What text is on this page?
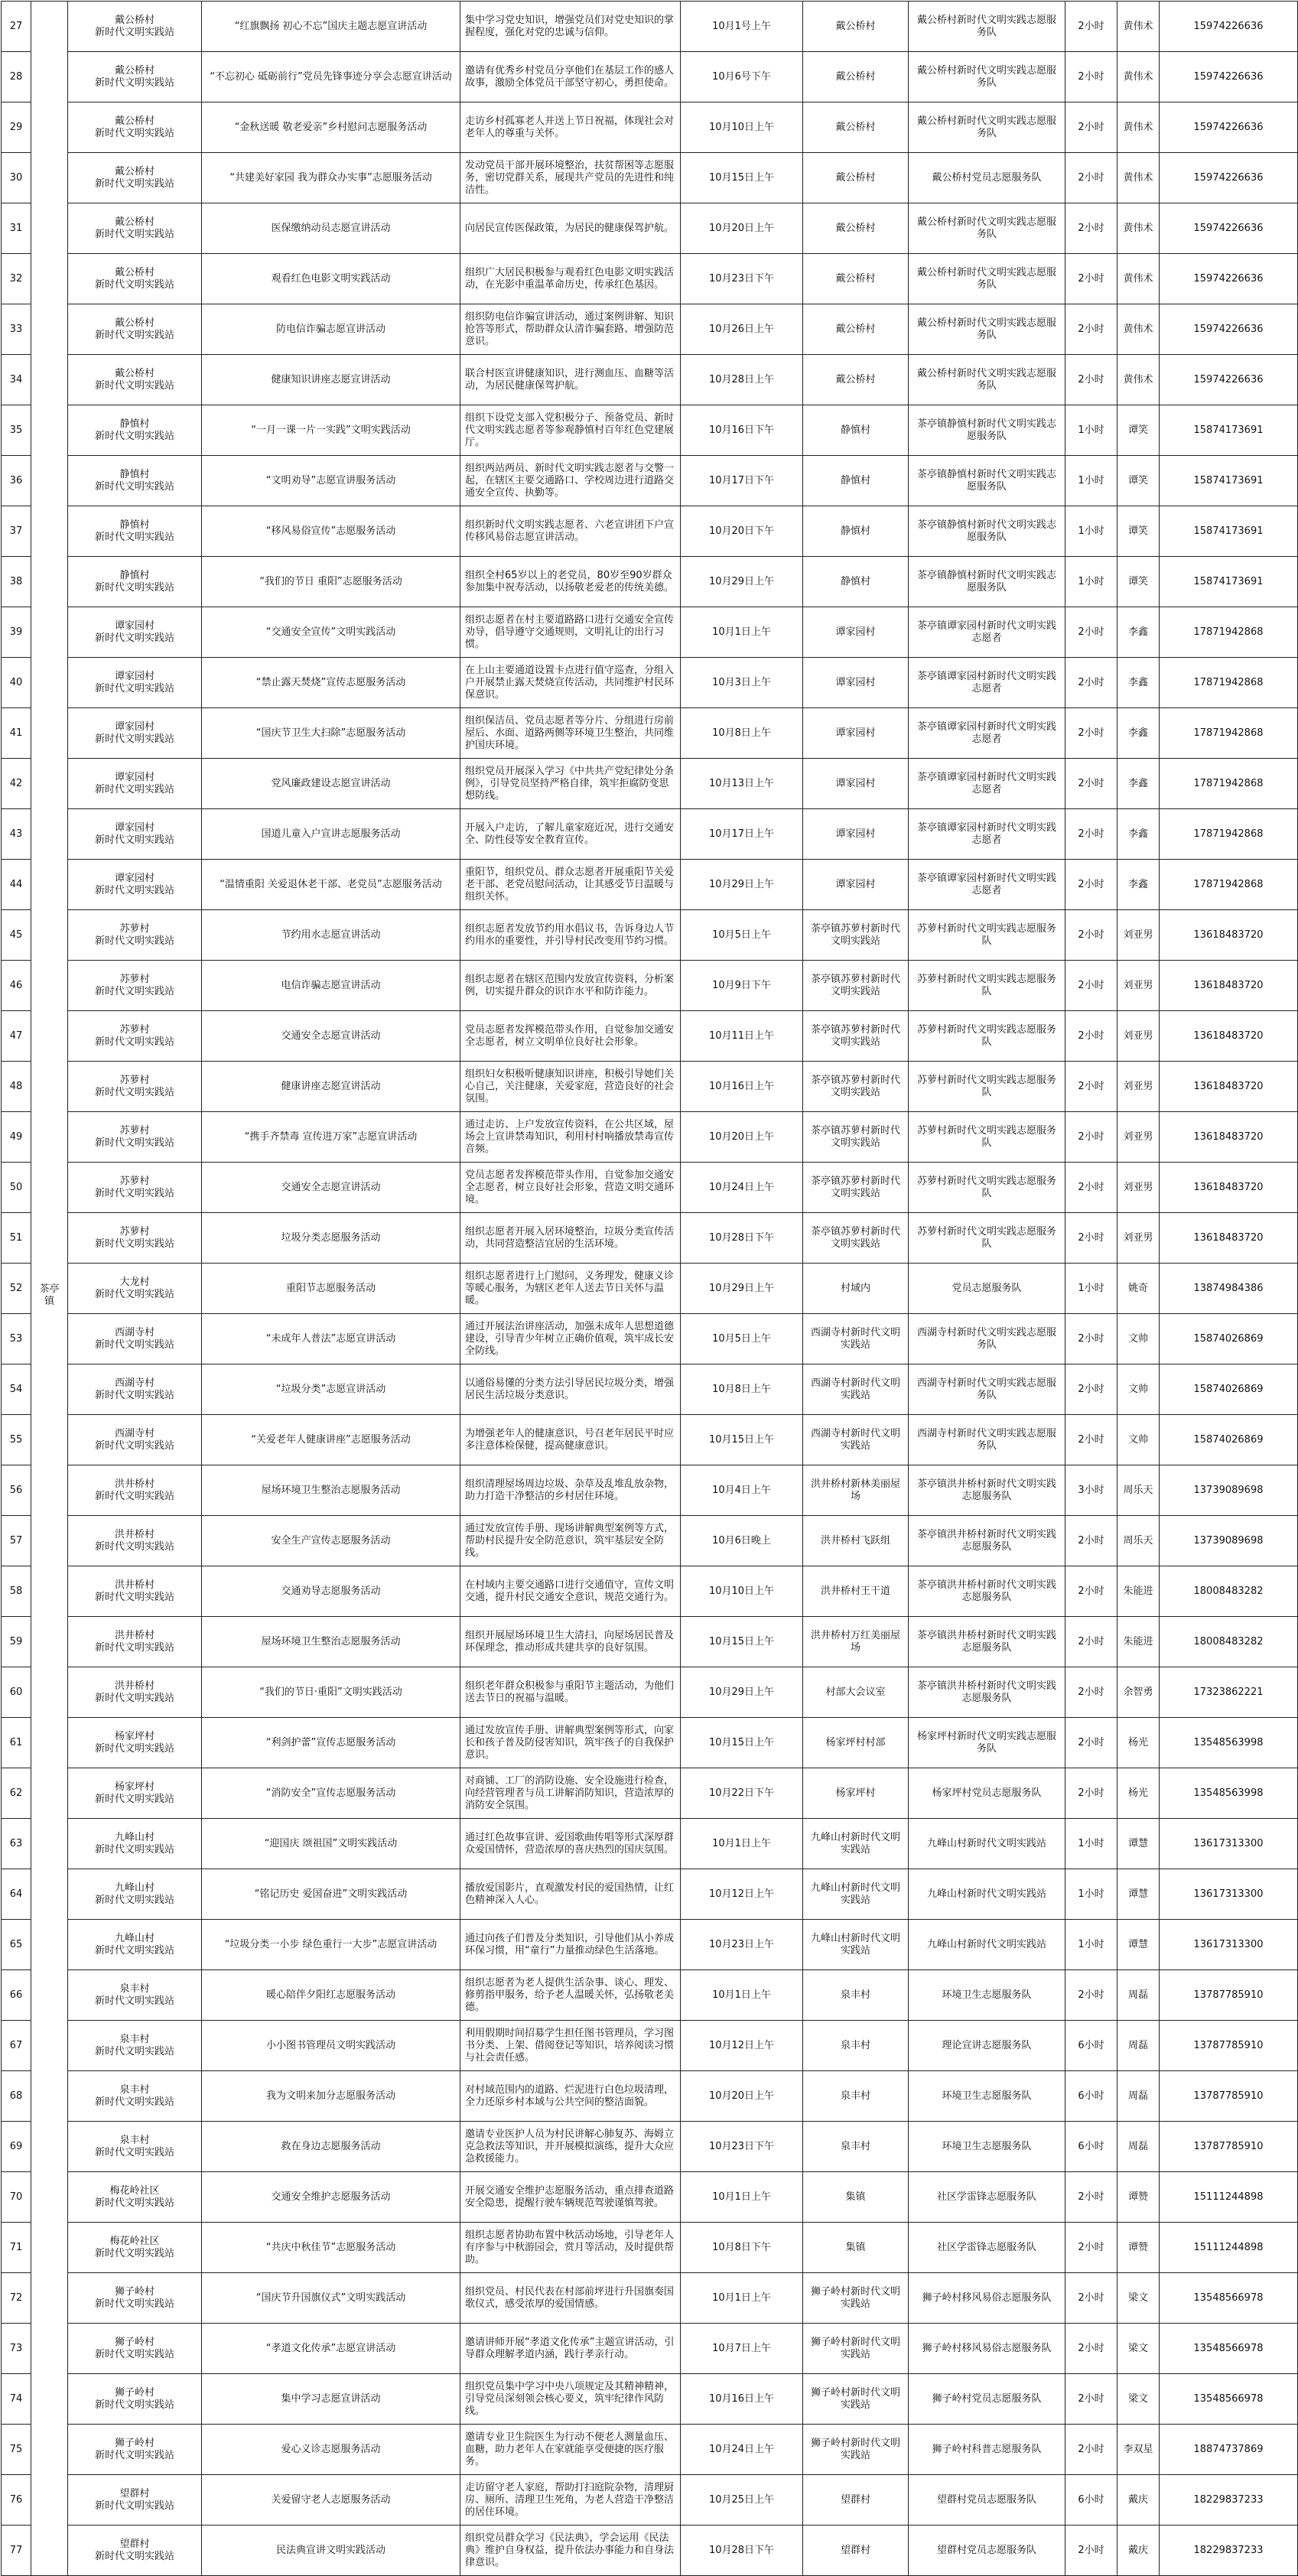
27	茶亭镇	戴公桥村
新时代文明实践站	“红旗飘扬 初心不忘”国庆主题志愿宣讲活动	集中学习党史知识，增强党员们对党史知识的掌握程度，强化对党的忠诚与信仰。	10月1号上午	戴公桥村	戴公桥村新时代文明实践志愿服务队	2小时	黄伟术	15974226636
28		戴公桥村
新时代文明实践站	“不忘初心 砥砺前行”党员先锋事迹分享会志愿宣讲活动	邀请有优秀乡村党员分享他们在基层工作的感人故事，激励全体党员干部坚守初心，勇担使命。	10月6号下午	戴公桥村	戴公桥村新时代文明实践志愿服务队	2小时	黄伟术	15974226636
29		戴公桥村
新时代文明实践站	“金秋送暖 敬老爱亲”乡村慰问志愿服务活动	走访乡村孤寡老人并送上节日祝福，体现社会对老年人的尊重与关怀。	10月10日上午	戴公桥村	戴公桥村新时代文明实践志愿服务队	2小时	黄伟术	15974226636
30		戴公桥村
新时代文明实践站	“共建美好家园 我为群众办实事”志愿服务活动	发动党员干部开展环境整治，扶贫帮困等志愿服务，密切党群关系，展现共产党员的先进性和纯洁性。	10月15日上午	戴公桥村	戴公桥村党员志愿服务队	2小时	黄伟术	15974226636
31		戴公桥村
新时代文明实践站	医保缴纳动员志愿宣讲活动	向居民宣传医保政策，为居民的健康保驾护航。	10月20日上午	戴公桥村	戴公桥村新时代文明实践志愿服务队	2小时	黄伟术	15974226636
32		戴公桥村
新时代文明实践站	观看红色电影文明实践活动	组织广大居民积极参与观看红色电影文明实践活动，在光影中重温革命历史，传承红色基因。	10月23日下午	戴公桥村	戴公桥村新时代文明实践志愿服务队	2小时	黄伟术	15974226636
33		戴公桥村
新时代文明实践站	防电信诈骗志愿宣讲活动	组织防电信诈骗宣讲活动，通过案例讲解、知识抢答等形式，帮助群众认清诈骗套路、增强防范意识。	10月26日上午	戴公桥村	戴公桥村新时代文明实践志愿服务队	2小时	黄伟术	15974226636
34		戴公桥村
新时代文明实践站	健康知识讲座志愿宣讲活动	联合村医宣讲健康知识，进行测血压、血糖等活动，为居民健康保驾护航。	10月28日上午	戴公桥村	戴公桥村新时代文明实践志愿服务队	2小时	黄伟术	15974226636
35		静慎村
新时代文明实践站	“一月一课一片一实践”文明实践活动	组织下设党支部入党积极分子、预备党员、新时代文明实践志愿者等参观静慎村百年红色党建展厅。	10月16日下午	静慎村	茶亭镇静慎村新时代文明实践志愿服务队	1小时	谭笑	15874173691
36		静慎村
新时代文明实践站	“文明劝导”志愿宣讲服务活动	组织两站两员、新时代文明实践志愿者与交警一起，在辖区主要交通路口、学校周边进行道路交通安全宣传、执勤等。	10月17日下午	静慎村	茶亭镇静慎村新时代文明实践志愿服务队	1小时	谭笑	15874173691
37		静慎村
新时代文明实践站	“移风易俗宣传”志愿服务活动	组织新时代文明实践志愿者、六老宣讲团下户宣传移风易俗志愿宣讲活动。	10月20日下午	静慎村	茶亭镇静慎村新时代文明实践志愿服务队	1小时	谭笑	15874173691
38		静慎村
新时代文明实践站	“我们的节日 重阳”志愿服务活动	组织全村65岁以上的老党员，80岁至90岁群众参加集中祝寿活动，以扬敬老爱老的传统美德。	10月29日上午	静慎村	茶亭镇静慎村新时代文明实践志愿服务队	1小时	谭笑	15874173691
39		谭家园村
新时代文明实践站	“交通安全宣传”文明实践活动	组织志愿者在村主要道路路口进行交通安全宣传劝导，倡导遵守交通规则，文明礼让的出行习惯。	10月1日上午	谭家园村	茶亭镇谭家园村新时代文明实践志愿者	2小时	李鑫	17871942868
40		谭家园村
新时代文明实践站	“禁止露天焚烧”宣传志愿服务活动	在上山主要通道设置卡点进行值守巡查，分组入户开展禁止露天焚烧宣传活动，共同维护村民环保意识。	10月3日上午	谭家园村	茶亭镇谭家园村新时代文明实践志愿者	2小时	李鑫	17871942868
41		谭家园村
新时代文明实践站	“国庆节卫生大扫除”志愿服务活动	组织保洁员、党员志愿者等分片、分组进行房前屋后、水面、道路两侧等环境卫生整治，共同维护国庆环境。	10月8日上午	谭家园村	茶亭镇谭家园村新时代文明实践志愿者	2小时	李鑫	17871942868
42		谭家园村
新时代文明实践站	党风廉政建设志愿宣讲活动	组织党员开展深入学习《中共共产党纪律处分条例》，引导党员坚持严格自律，筑牢拒腐防变思想防线。	10月13日上午	谭家园村	茶亭镇谭家园村新时代文明实践志愿者	2小时	李鑫	17871942868
43		谭家园村
新时代文明实践站	国道儿童入户宣讲志愿服务活动	开展入户走访，了解儿童家庭近况，进行交通安全、防性侵等安全教育宣传。	10月17日上午	谭家园村	茶亭镇谭家园村新时代文明实践志愿者	2小时	李鑫	17871942868
44		谭家园村
新时代文明实践站	“温情重阳 关爱退休老干部、老党员”志愿服务活动	重阳节，组织党员、群众志愿者开展重阳节关爱老干部、老党员慰问活动，让其感受节日温暖与组织关怀。	10月29日上午	谭家园村	茶亭镇谭家园村新时代文明实践志愿者	2小时	李鑫	17871942868
45		苏萝村
新时代文明实践站	节约用水志愿宣讲活动	组织志愿者发放节约用水倡议书，告诉身边人节约用水的重要性，并引导村民改变用节约习惯。	10月5日上午	茶亭镇苏萝村新时代文明实践站	苏萝村新时代文明实践志愿服务队	2小时	刘亚男	13618483720
46		苏萝村
新时代文明实践站	电信诈骗志愿宣讲活动	组织志愿者在辖区范围内发放宣传资料，分析案例，切实提升群众的识诈水平和防诈能力。	10月9日下午	茶亭镇苏萝村新时代文明实践站	苏萝村新时代文明实践志愿服务队	2小时	刘亚男	13618483720
47		苏萝村
新时代文明实践站	交通安全志愿宣讲活动	党员志愿者发挥模范带头作用，自觉参加交通安全志愿者，树立文明单位良好社会形象。	10月11日上午	茶亭镇苏萝村新时代文明实践站	苏萝村新时代文明实践志愿服务队	2小时	刘亚男	13618483720
48		苏萝村
新时代文明实践站	健康讲座志愿宣讲活动	组织妇女积极听健康知识讲座，积极引导她们关心自己，关注健康，关爱家庭，营造良好的社会氛围。	10月16日上午	茶亭镇苏萝村新时代文明实践站	苏萝村新时代文明实践志愿服务队	2小时	刘亚男	13618483720
49		苏萝村
新时代文明实践站	“携手齐禁毒 宣传进万家”志愿宣讲活动	通过走访、上户发放宣传资料，在公共区域，屋场会上宣讲禁毒知识，利用村村响播放禁毒宣传音频。	10月20日上午	茶亭镇苏萝村新时代文明实践站	苏萝村新时代文明实践志愿服务队	2小时	刘亚男	13618483720
50		苏萝村
新时代文明实践站	交通安全志愿宣讲活动	党员志愿者发挥模范带头作用，自觉参加交通安全志愿者，树立良好社会形象，营造文明交通环境。	10月24日上午	茶亭镇苏萝村新时代文明实践站	苏萝村新时代文明实践志愿服务队	2小时	刘亚男	13618483720
51		苏萝村
新时代文明实践站	垃圾分类志愿服务活动	组织志愿者开展入居环境整治，垃圾分类宣传活动，共同营造整洁宜居的生活环境。	10月28日下午	茶亭镇苏萝村新时代文明实践站	苏萝村新时代文明实践志愿服务队	2小时	刘亚男	13618483720
52		大龙村
新时代文明实践站	重阳节志愿服务活动	组织志愿者进行上门慰问，义务理发，健康义诊等暖心服务，为辖区老年人送去节日关怀与温暖。	10月29日上午	村域内	党员志愿服务队	1小时	姚奇	13874984386
53		西湖寺村
新时代文明实践站	“未成年人普法”志愿宣讲活动	通过开展法治讲座活动，加强未成年人思想道德建设，引导青少年树立正确价值观，筑牢成长安全防线。	10月5日上午	西湖寺村新时代文明实践站	西湖寺村新时代文明实践志愿服务队	2小时	文帅	15874026869
54		西湖寺村
新时代文明实践站	“垃圾分类”志愿宣讲活动	以通俗易懂的分类方法引导居民垃圾分类，增强居民生活垃圾分类意识。	10月8日上午	西湖寺村新时代文明实践站	西湖寺村新时代文明实践志愿服务队	2小时	文帅	15874026869
55		西湖寺村
新时代文明实践站	“关爱老年人健康讲座”志愿服务活动	为增强老年人的健康意识，号召老年居民平时应多注意体检保健，提高健康意识。	10月15日上午	西湖寺村新时代文明实践站	西湖寺村新时代文明实践志愿服务队	2小时	文帅	15874026869
56		洪井桥村
新时代文明实践站	屋场环境卫生整治志愿服务活动	组织清理屋场周边垃圾、杂草及乱堆乱放杂物，助力打造干净整洁的乡村居住环境。	10月4日上午	洪井桥村新林美丽屋场	茶亭镇洪井桥村新时代文明实践志愿服务队	3小时	周乐天	13739089698
57		洪井桥村
新时代文明实践站	安全生产宣传志愿服务活动	通过发放宣传手册、现场讲解典型案例等方式，帮助村民提升安全防范意识，筑牢基层安全防线。	10月6日晚上	洪井桥村飞跃组	茶亭镇洪井桥村新时代文明实践志愿服务队	2小时	周乐天	13739089698
58		洪井桥村
新时代文明实践站	交通劝导志愿服务活动	在村域内主要交通路口进行交通值守，宣传文明交通，提升村民交通安全意识，规范交通行为。	10月10日上午	洪井桥村王干道	茶亭镇洪井桥村新时代文明实践志愿服务队	2小时	朱能进	18008483282
59		洪井桥村
新时代文明实践站	屋场环境卫生整治志愿服务活动	组织开展屋场环境卫生大清扫，向屋场居民普及环保理念，推动形成共建共享的良好氛围。	10月15日上午	洪井桥村万红美丽屋场	茶亭镇洪井桥村新时代文明实践志愿服务队	2小时	朱能进	18008483282
60		洪井桥村
新时代文明实践站	“我们的节日·重阳”文明实践活动	组织老年群众积极参与重阳节主题活动，为他们送去节日的祝福与温暖。	10月29日上午	村部大会议室	茶亭镇洪井桥村新时代文明实践志愿服务队	2小时	余智勇	17323862221
61		杨家坪村
新时代文明实践站	“利剑护蕾”宣传志愿服务活动	通过发放宣传手册、讲解典型案例等形式，向家长和孩子普及防侵害知识，筑牢孩子的自我保护意识。	10月15日上午	杨家坪村村部	杨家坪村新时代文明实践志愿服务队	2小时	杨光	13548563998
62		杨家坪村
新时代文明实践站	“消防安全”宣传志愿服务活动	对商铺、工厂的消防设施、安全设施进行检查，向经营管理者与员工讲解消防知识，营造浓厚的消防安全氛围。	10月22日下午	杨家坪村	杨家坪村党员志愿服务队	2小时	杨光	13548563998
63		九峰山村
新时代文明实践站	“迎国庆 颂祖国”文明实践活动	通过红色故事宣讲、爱国歌曲传唱等形式深厚群众爱国情怀，营造浓厚的喜庆热烈的国庆氛围。	10月1日上午	九峰山村新时代文明实践站	九峰山村新时代文明实践站	1小时	谭慧	13617313300
64		九峰山村
新时代文明实践站	“铭记历史 爱国奋进”文明实践活动	播放爱国影片，直观激发村民的爱国热情，让红色精神深入人心。	10月12日上午	九峰山村新时代文明实践站	九峰山村新时代文明实践站	1小时	谭慧	13617313300
65		九峰山村
新时代文明实践站	“垃圾分类一小步 绿色重行一大步”志愿宣讲活动	通过向孩子们普及分类知识，引导他们从小养成环保习惯，用“童行”力量推动绿色生活落地。	10月23日上午	九峰山村新时代文明实践站	九峰山村新时代文明实践站	1小时	谭慧	13617313300
66		泉丰村
新时代文明实践站	暖心陪伴夕阳红志愿服务活动	组织志愿者为老人提供生活杂事、谈心、理发、修剪指甲服务，给予老人温暖关怀，弘扬敬老美德。	10月1日上午	泉丰村	环境卫生志愿服务队	2小时	周磊	13787785910
67		泉丰村
新时代文明实践站	小小图书管理员文明实践活动	利用假期时间招募学生担任图书管理员，学习图书分类、上架、借阅登记等知识，培养阅读习惯与社会责任感。	10月12日上午	泉丰村	理论宣讲志愿服务队	6小时	周磊	13787785910
68		泉丰村
新时代文明实践站	我为文明来加分志愿服务活动	对村域范围内的道路、烂泥进行白色垃圾清理，全力还原乡村本域与公共空间的整洁面貌。	10月20日上午	泉丰村	环境卫生志愿服务队	6小时	周磊	13787785910
69		泉丰村
新时代文明实践站	救在身边志愿服务活动	邀请专业医护人员为村民讲解心肺复苏、海姆立克急救法等知识，并开展模拟演练，提升大众应急救援能力。	10月23日下午	泉丰村	环境卫生志愿服务队	6小时	周磊	13787785910
70		梅花岭社区
新时代文明实践站	交通安全维护志愿服务活动	开展交通安全维护志愿服务活动，重点排查道路安全隐患，提醒行驶车辆规范驾驶谨慎驾驶。	10月1日上午	集镇	社区学雷锋志愿服务队	2小时	谭赞	15111244898
71		梅花岭社区
新时代文明实践站	“共庆中秋佳节”志愿服务活动	组织志愿者协助布置中秋活动场地，引导老年人有序参与中秋游园会，赏月等活动，及时提供帮助。	10月8日下午	集镇	社区学雷锋志愿服务队	2小时	谭赞	15111244898
72		狮子岭村
新时代文明实践站	“国庆节升国旗仪式”文明实践活动	组织党员、村民代表在村部前坪进行升国旗奏国歌仪式，感受浓厚的爱国情感。	10月1日上午	狮子岭村新时代文明实践站	狮子岭村移风易俗志愿服务队	2小时	梁文	13548566978
73		狮子岭村
新时代文明实践站	“孝道文化传承”志愿宣讲活动	邀请讲师开展“孝道文化传承”主题宣讲活动，引导群众理解孝道内涵，践行孝亲行动。	10月7日上午	狮子岭村新时代文明实践站	狮子岭村移风易俗志愿服务队	2小时	梁文	13548566978
74		狮子岭村
新时代文明实践站	集中学习志愿宣讲活动	组织党员集中学习中央八项规定及其精神精神，引导党员深刻领会核心要义，筑牢纪律作风防线。	10月16日上午	狮子岭村新时代文明实践站	狮子岭村党员志愿服务队	2小时	梁文	13548566978
75		狮子岭村
新时代文明实践站	爱心义诊志愿服务活动	邀请专业卫生院医生为行动不便老人测量血压、血糖，助力老年人在家就能享受便捷的医疗服务。	10月24日上午	狮子岭村新时代文明实践站	狮子岭村科普志愿服务队	2小时	李双星	18874737869
76		望群村
新时代文明实践站	关爱留守老人志愿服务活动	走访留守老人家庭，帮助打扫庭院杂物，清理厨房、厕所、清理卫生死角，为老人营造干净整洁的居住环境。	10月25日上午	望群村	望群村党员志愿服务队	6小时	戴庆	18229837233
77		望群村
新时代文明实践站	民法典宣讲文明实践活动	组织党员群众学习《民法典》，学会运用《民法典》维护自身权益，提升依法办事能力和自身法律意识。	10月28日下午	望群村	望群村党员志愿服务队	2小时	戴庆	18229837233
